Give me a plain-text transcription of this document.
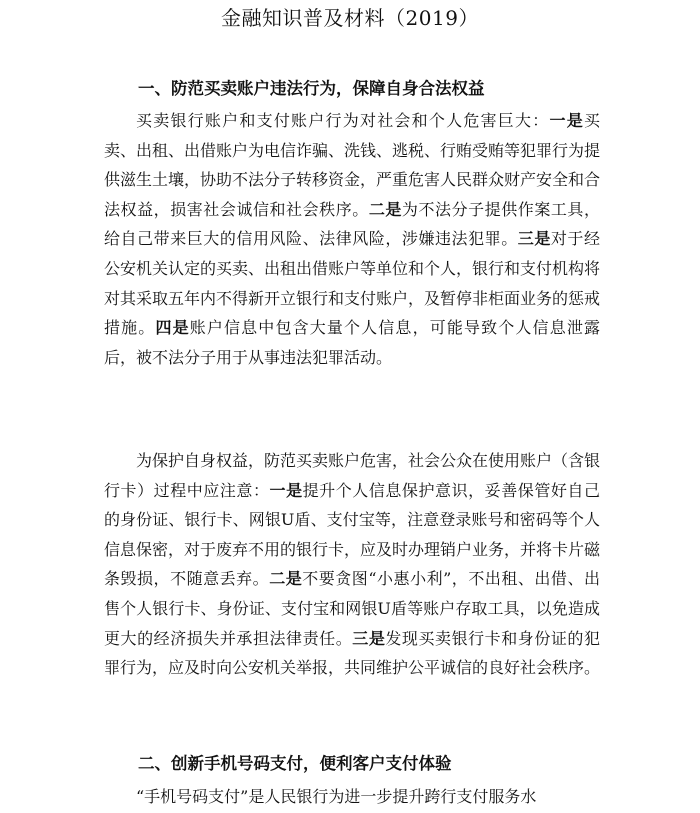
金融知识普及材料（2019）
一、防范买卖账户违法行为，保障自身合法权益

买卖银行账户和支付账户行为对社会和个人危害巨大：一是买卖、出租、出借账户为电信诈骗、洗钱、逃税、行贿受贿等犯罪行为提供滋生土壤，协助不法分子转移资金，严重危害人民群众财产安全和合法权益，损害社会诚信和社会秩序。二是为不法分子提供作案工具，给自己带来巨大的信用风险、法律风险，涉嫌违法犯罪。三是对于经公安机关认定的买卖、出租出借账户等单位和个人，银行和支付机构将对其采取五年内不得新开立银行和支付账户，及暂停非柜面业务的惩戒措施。四是账户信息中包含大量个人信息，可能导致个人信息泄露后，被不法分子用于从事违法犯罪活动。

为保护自身权益，防范买卖账户危害，社会公众在使用账户（含银行卡）过程中应注意：一是提升个人信息保护意识，妥善保管好自己的身份证、银行卡、网银U盾、支付宝等，注意登录账号和密码等个人信息保密，对于废弃不用的银行卡，应及时办理销户业务，并将卡片磁条毁损，不随意丢弃。二是不要贪图“小惠小利”，不出租、出借、出售个人银行卡、身份证、支付宝和网银U盾等账户存取工具，以免造成更大的经济损失并承担法律责任。三是发现买卖银行卡和身份证的犯罪行为，应及时向公安机关举报，共同维护公平诚信的良好社会秩序。

二、创新手机号码支付，便利客户支付体验

“手机号码支付”是人民银行为进一步提升跨行支付服务水
